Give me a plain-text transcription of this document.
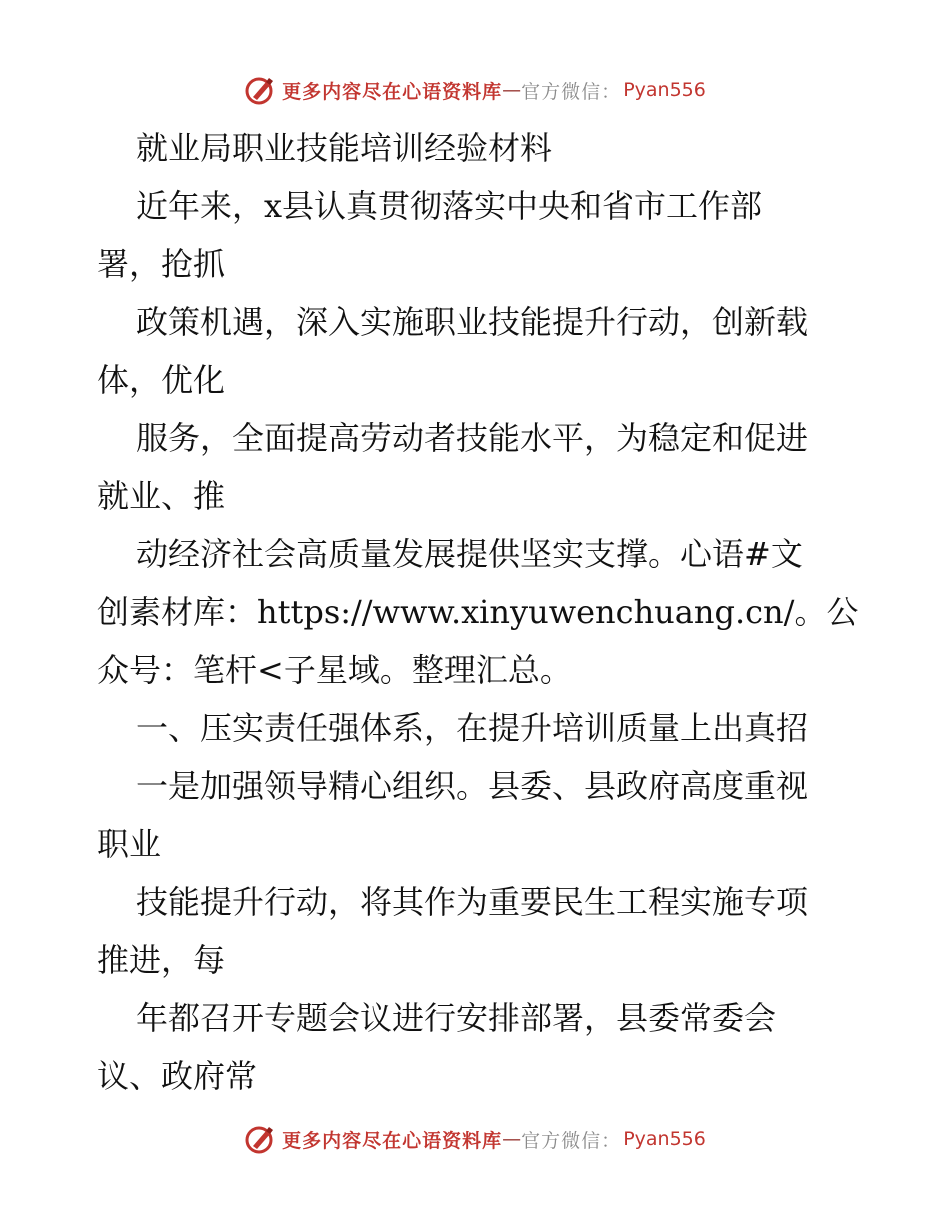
更多内容尽在心语资料库 — 官方微信： Pyan556
就业局职业技能培训经验材料
近年来，x县认真贯彻落实中央和省市工作部
署，抢抓
政策机遇，深入实施职业技能提升行动，创新载
体，优化
服务，全面提高劳动者技能水平，为稳定和促进
就业、推
动经济社会高质量发展提供坚实支撑。心语#文
创素材库：https://www.xinyuwenchuang.cn/。公
众号：笔杆<子星域。整理汇总。
一、压实责任强体系，在提升培训质量上出真招
一是加强领导精心组织。县委、县政府高度重视
职业
技能提升行动，将其作为重要民生工程实施专项
推进，每
年都召开专题会议进行安排部署，县委常委会
议、政府常
更多内容尽在心语资料库 — 官方微信： Pyan556
